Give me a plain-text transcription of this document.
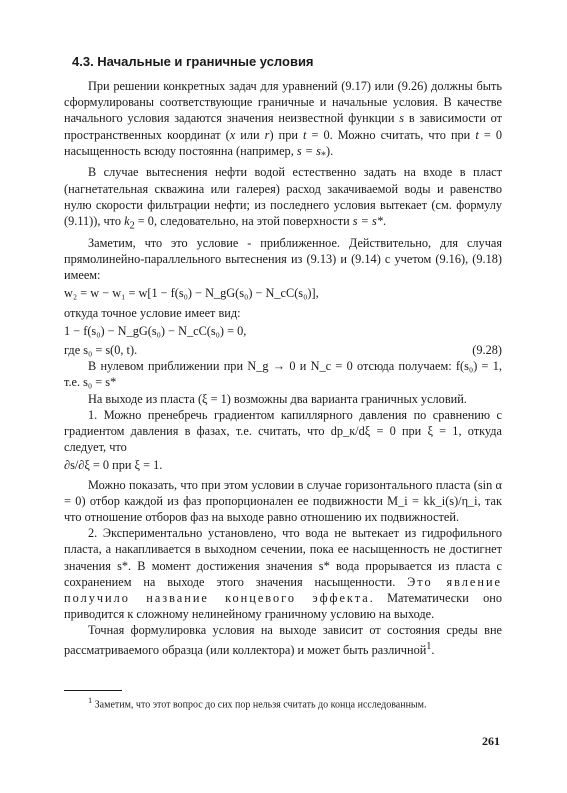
4.3. Начальные и граничные условия

При решении конкретных задач для уравнений (9.17) или (9.26) должны быть сформулированы соответствующие граничные и начальные условия. В качестве начального условия задаются значения неизвестной функции s в зависимости от пространственных координат (x или r) при t = 0. Можно считать, что при t = 0 насыщенность всюду постоянна (например, $s = s_*$).

В случае вытеснения нефти водой естественно задать на входе в пласт (нагнетательная скважина или галерея) расход закачиваемой воды и равенство нулю скорости фильтрации нефти; из последнего условия вытекает (см. формулу (9.11)), что $k_2 = 0$, следовательно, на этой поверхности s = s*.

Заметим, что это условие - приближенное. Действительно, для случая прямолинейно-параллельного вытеснения из (9.13) и (9.14) с учетом (9.16), (9.18) имеем:

w₂ = w − w₁ = w[1 − f(s₀) − N_gG(s₀) − N_cC(s₀)],

откуда точное условие имеет вид:

1 − f(s₀) − N_gG(s₀) − N_cC(s₀) = 0,

где s₀ = s(0, t).	(9.28)

В нулевом приближении при N_g → 0 и N_c = 0 отсюда получаем: f(s₀) = 1, т.е. s₀ = s*

На выходе из пласта (ξ = 1) возможны два варианта граничных условий.

1. Можно пренебречь градиентом капиллярного давления по сравнению с градиентом давления в фазах, т.е. считать, что dp_к/dξ = 0 при ξ = 1, откуда следует, что

∂s/∂ξ = 0 при ξ = 1.

Можно показать, что при этом условии в случае горизонтального пласта (sin α = 0) отбор каждой из фаз пропорционален ее подвижности M_i = kk_i(s)/η_i, так что отношение отборов фаз на выходе равно отношению их подвижностей.

2. Экспериментально установлено, что вода не вытекает из гидрофильного пласта, а накапливается в выходном сечении, пока ее насыщенность не достигнет значения s*. В момент достижения значения s* вода прорывается из пласта с сохранением на выходе этого значения насыщенности. Это явление получило название концевого эффекта. Математически оно приводится к сложному нелинейному граничному условию на выходе.

Точная формулировка условия на выходе зависит от состояния среды вне рассматриваемого образца (или коллектора) и может быть различной$^1$.

$^1$ Заметим, что этот вопрос до сих пор нельзя считать до конца исследованным.
261
